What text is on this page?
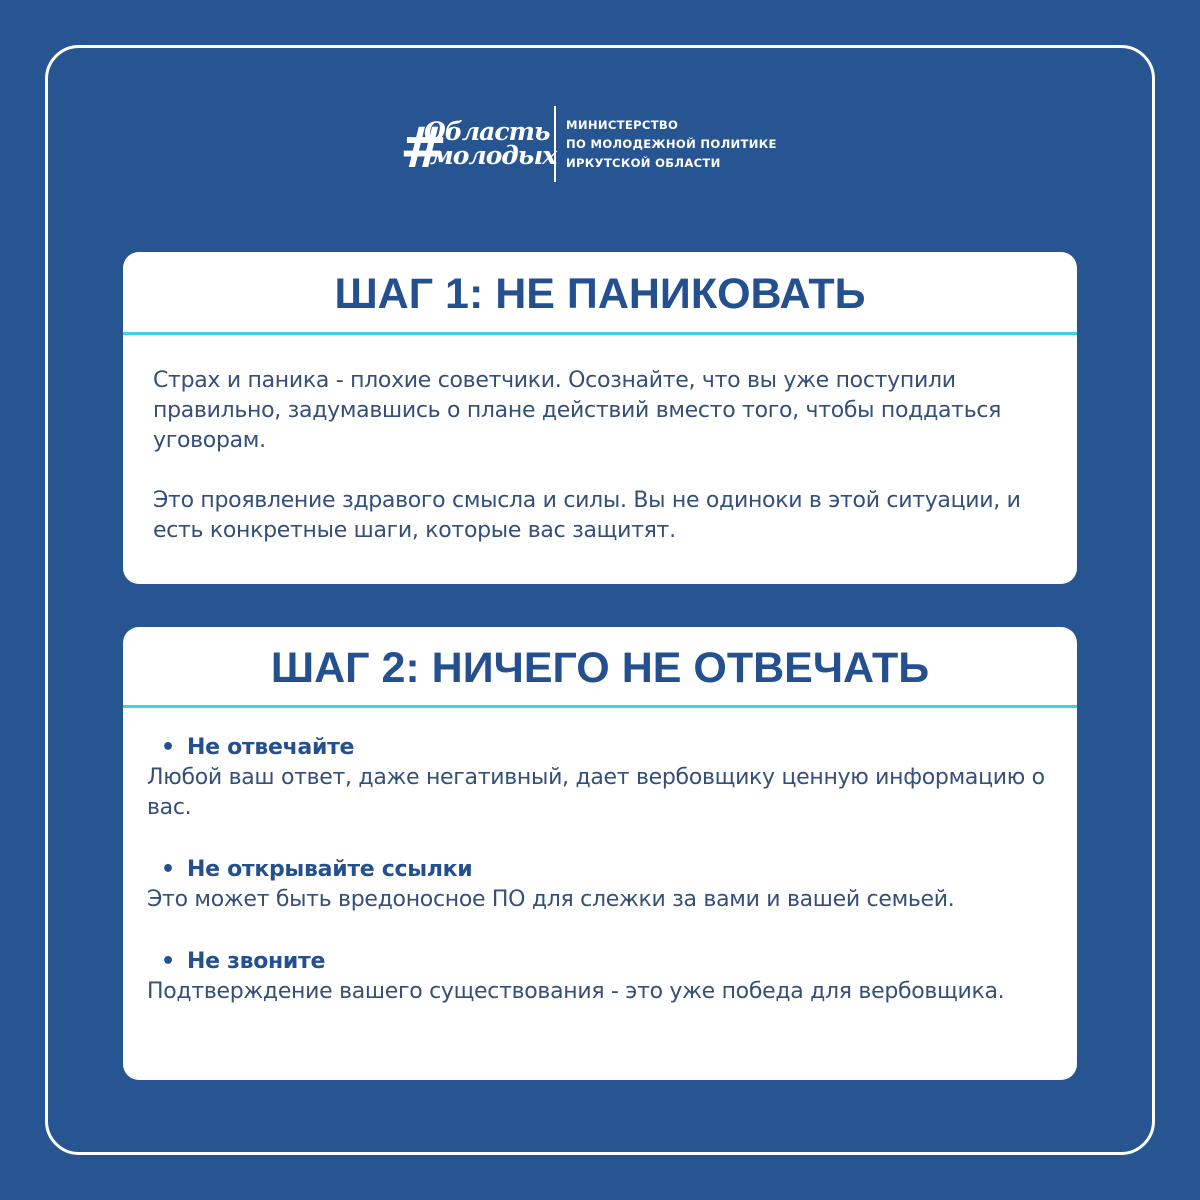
#
Область
молодых
МИНИСТЕРСТВО
ПО МОЛОДЕЖНОЙ ПОЛИТИКЕ
ИРКУТСКОЙ ОБЛАСТИ
ШАГ 1: НЕ ПАНИКОВАТЬ

Страх и паника - плохие советчики. Осознайте, что вы уже поступили правильно, задумавшись о плане действий вместо того, чтобы поддаться уговорам.

Это проявление здравого смысла и силы. Вы не одиноки в этой ситуации, и есть конкретные шаги, которые вас защитят.

ШАГ 2: НИЧЕГО НЕ ОТВЕЧАТЬ
• Не отвечайте

Любой ваш ответ, даже негативный, дает вербовщику ценную информацию о вас.

• Не открывайте ссылки

Это может быть вредоносное ПО для слежки за вами и вашей семьей.

• Не звоните

Подтверждение вашего существования - это уже победа для вербовщика.
